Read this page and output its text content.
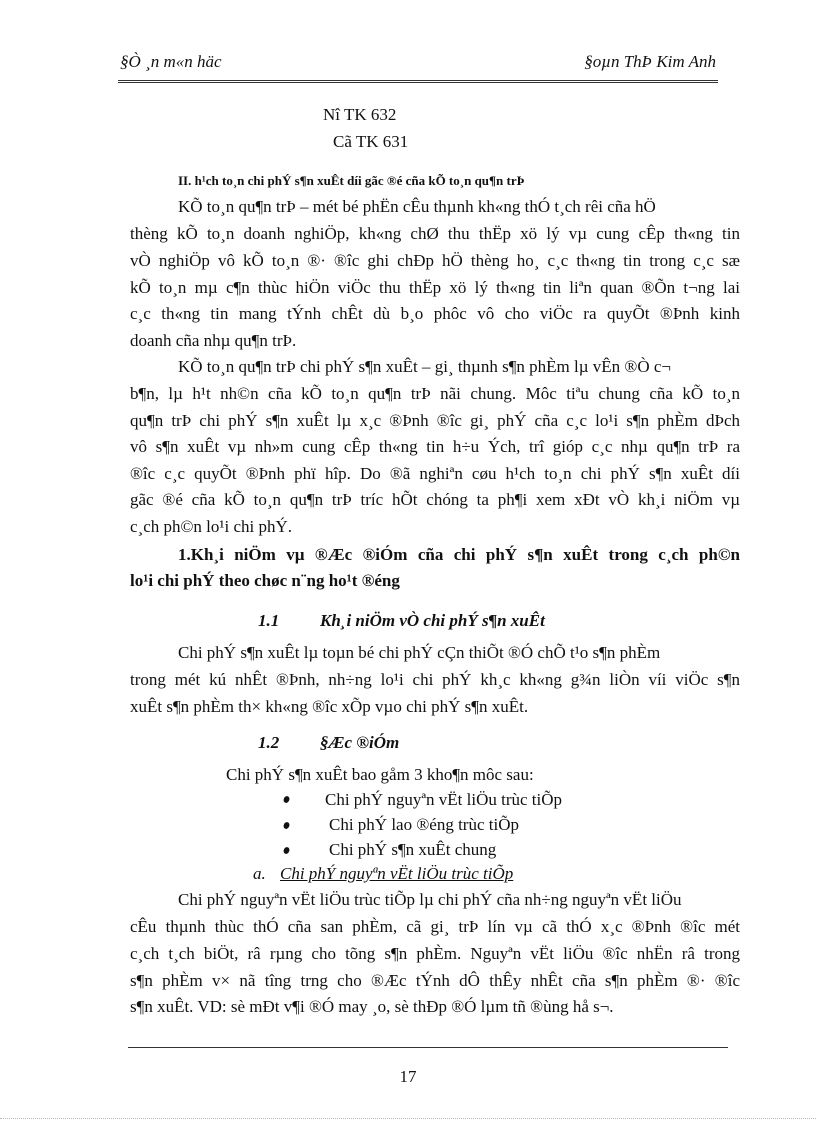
§Ò ¸n m«n häc	§oµn ThÞ Kim Anh
Nî TK 632
Cã TK 631
II. h¹ch to¸n chi phÝ s¶n xuÊt díi gãc ®é cña kÕ to¸n qu¶n trÞ
KÕ to¸n qu¶n trÞ – mét bé phËn cÊu thµnh kh«ng thÓ t¸ch rêi cña hÖ
thèng kÕ to¸n doanh nghiÖp, kh«ng chØ thu thËp xö lý vµ cung cÊp th«ng tin
vÒ nghiÖp vô kÕ to¸n ®· ®îc ghi chÐp hÖ thèng ho¸ c¸c th«ng tin trong c¸c sæ
kÕ to¸n mµ c¶n thùc hiÖn viÖc thu thËp xö lý th«ng tin liªn quan ®Õn t¬ng lai
c¸c th«ng tin mang tÝnh chÊt dù b¸o phôc vô cho viÖc ra quyÕt ®Þnh kinh
doanh cña nhµ qu¶n trÞ.
KÕ to¸n qu¶n trÞ chi phÝ s¶n xuÊt – gi¸ thµnh s¶n phÈm lµ vÊn ®Ò c¬
b¶n, lµ h¹t nh©n cña kÕ to¸n qu¶n trÞ nãi chung. Môc tiªu chung cña kÕ to¸n
qu¶n trÞ chi phÝ s¶n xuÊt lµ x¸c ®Þnh ®îc gi¸ phÝ cña c¸c lo¹i s¶n phÈm dÞch
vô s¶n xuÊt vµ nh»m cung cÊp th«ng tin h÷u Ých, trî gióp c¸c nhµ qu¶n trÞ ra
®îc c¸c quyÕt ®Þnh phï hîp. Do ®ã nghiªn cøu h¹ch to¸n chi phÝ s¶n xuÊt díi
gãc ®é cña kÕ to¸n qu¶n trÞ tríc hÕt chóng ta ph¶i xem xÐt vÒ kh¸i niÖm vµ
c¸ch ph©n lo¹i chi phÝ.
1.Kh¸i niÖm vµ ®Æc ®iÓm cña chi phÝ s¶n xuÊt trong c¸ch ph©n
lo¹i chi phÝ theo chøc n¨ng ho¹t ®éng
1.1 Kh¸i niÖm vÒ chi phÝ s¶n xuÊt
Chi phÝ s¶n xuÊt lµ toµn bé chi phÝ cÇn thiÕt ®Ó chÕ t¹o s¶n phÈm
trong mét kú nhÊt ®Þnh, nh÷ng lo¹i chi phÝ kh¸c kh«ng g¾n liÒn víi viÖc s¶n
xuÊt s¶n phÈm th× kh«ng ®îc xÕp vµo chi phÝ s¶n xuÊt.
1.2 §Æc ®iÓm
Chi phÝ s¶n xuÊt bao gåm 3 kho¶n môc sau:
Chi phÝ nguyªn vËt liÖu trùc tiÕp
Chi phÝ lao ®éng trùc tiÕp
Chi phÝ s¶n xuÊt chung
a. Chi phÝ nguyªn vËt liÖu trùc tiÕp
Chi phÝ nguyªn vËt liÖu trùc tiÕp lµ chi phÝ cña nh÷ng nguyªn vËt liÖu
cÊu thµnh thùc thÓ cña san phÈm, cã gi¸ trÞ lín vµ cã thÓ x¸c ®Þnh ®îc mét
c¸ch t¸ch biÖt, râ rµng cho tõng s¶n phÈm. Nguyªn vËt liÖu ®îc nhËn râ trong
s¶n phÈm v× nã tîng trng cho ®Æc tÝnh dÔ thÊy nhÊt cña s¶n phÈm ®· ®îc
s¶n xuÊt. VD: sè mÐt v¶i ®Ó may ¸o, sè thÐp ®Ó lµm tñ ®ùng hå s¬.
17
